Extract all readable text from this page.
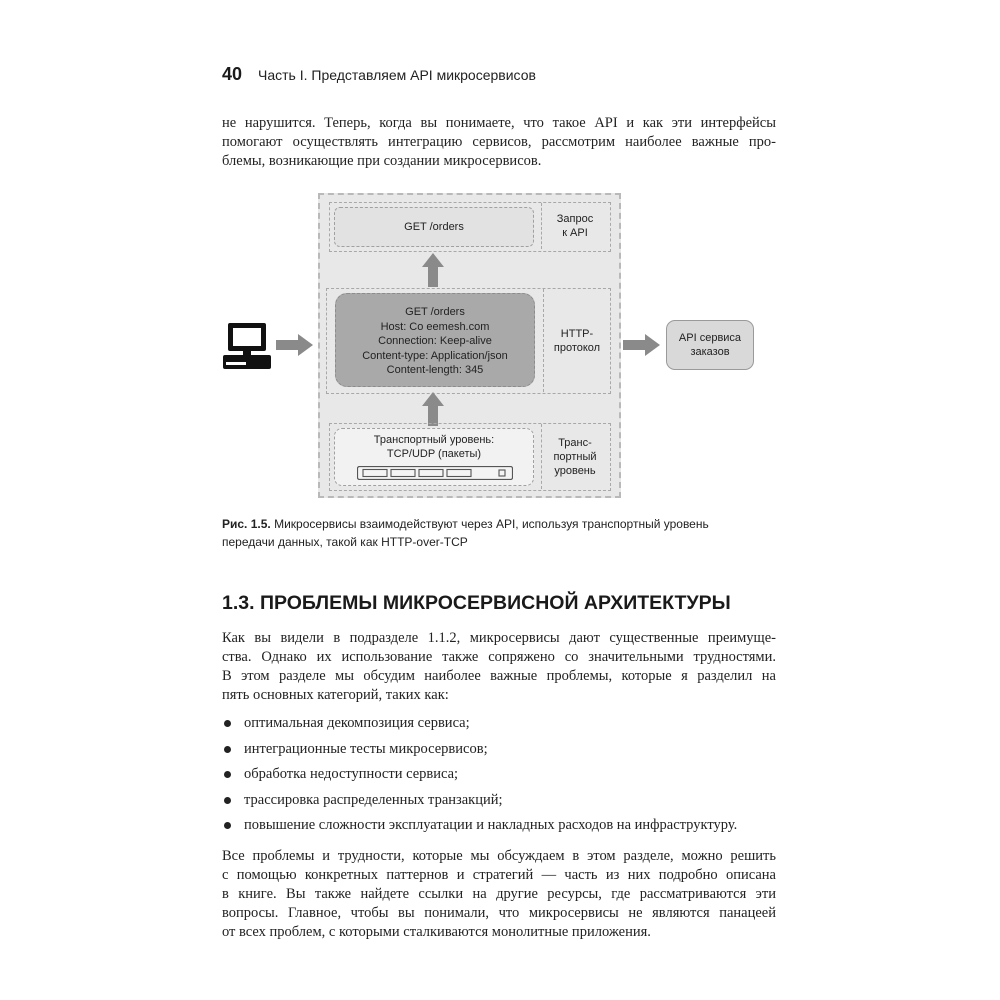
40 Часть I. Представляем API микросервисов

не нарушится. Теперь, когда вы понимаете, что такое API и как эти интерфейсы
помогают осуществлять интеграцию сервисов, рассмотрим наиболее важные про-
блемы, возникающие при создании микросервисов.

GET /orders
Запрос
к API
GET /orders
Host: Co eemesh.com
Connection: Keep-alive
Content-type: Application/json
Content-length: 345
HTTP-
протокол
Транспортный уровень:
TCP/UDP (пакеты)
Транс-
портный
уровень
API сервиса
заказов
Рис. 1.5. Микросервисы взаимодействуют через API, используя транспортный уровень
передачи данных, такой как HTTP-over-TCP
1.3. ПРОБЛЕМЫ МИКРОСЕРВИСНОЙ АРХИТЕКТУРЫ

Как вы видели в подразделе 1.1.2, микросервисы дают существенные преимуще-
ства. Однако их использование также сопряжено со значительными трудностями.
В этом разделе мы обсудим наиболее важные проблемы, которые я разделил на
пять основных категорий, таких как:

оптимальная декомпозиция сервиса;
интеграционные тесты микросервисов;
обработка недоступности сервиса;
трассировка распределенных транзакций;
повышение сложности эксплуатации и накладных расходов на инфраструктуру.

Все проблемы и трудности, которые мы обсуждаем в этом разделе, можно решить
с помощью конкретных паттернов и стратегий — часть из них подробно описана
в книге. Вы также найдете ссылки на другие ресурсы, где рассматриваются эти
вопросы. Главное, чтобы вы понимали, что микросервисы не являются панацеей
от всех проблем, с которыми сталкиваются монолитные приложения.
